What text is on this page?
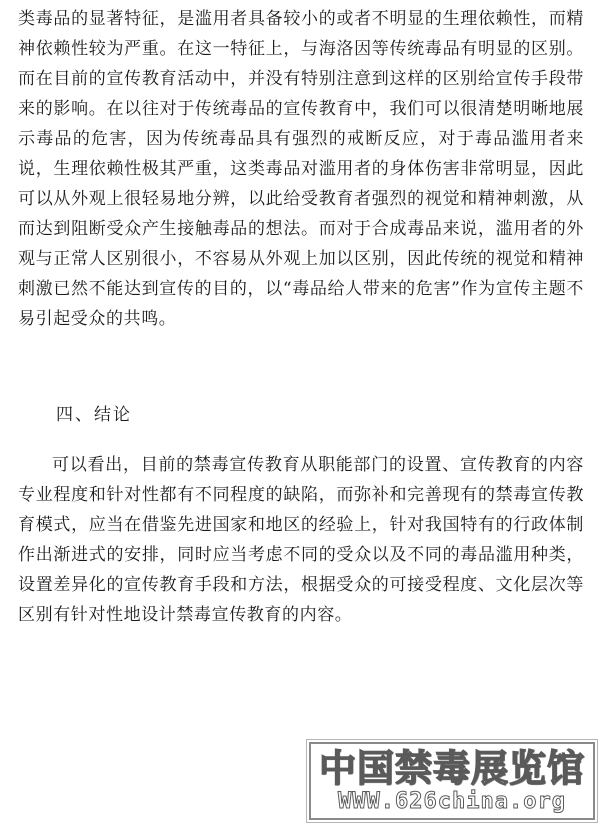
类毒品的显著特征，是滥用者具备较小的或者不明显的生理依赖性，而精神依赖性较为严重。在这一特征上，与海洛因等传统毒品有明显的区别。而在目前的宣传教育活动中，并没有特别注意到这样的区别给宣传手段带来的影响。在以往对于传统毒品的宣传教育中，我们可以很清楚明晰地展示毒品的危害，因为传统毒品具有强烈的戒断反应，对于毒品滥用者来说，生理依赖性极其严重，这类毒品对滥用者的身体伤害非常明显，因此可以从外观上很轻易地分辨，以此给受教育者强烈的视觉和精神刺激，从而达到阻断受众产生接触毒品的想法。而对于合成毒品来说，滥用者的外观与正常人区别很小，不容易从外观上加以区别，因此传统的视觉和精神刺激已然不能达到宣传的目的，以“毒品给人带来的危害”作为宣传主题不易引起受众的共鸣。

四、结论

可以看出，目前的禁毒宣传教育从职能部门的设置、宣传教育的内容专业程度和针对性都有不同程度的缺陷，而弥补和完善现有的禁毒宣传教育模式，应当在借鉴先进国家和地区的经验上，针对我国特有的行政体制作出渐进式的安排，同时应当考虑不同的受众以及不同的毒品滥用种类，设置差异化的宣传教育手段和方法，根据受众的可接受程度、文化层次等区别有针对性地设计禁毒宣传教育的内容。

中国禁毒展览馆
WWW.626china.org
